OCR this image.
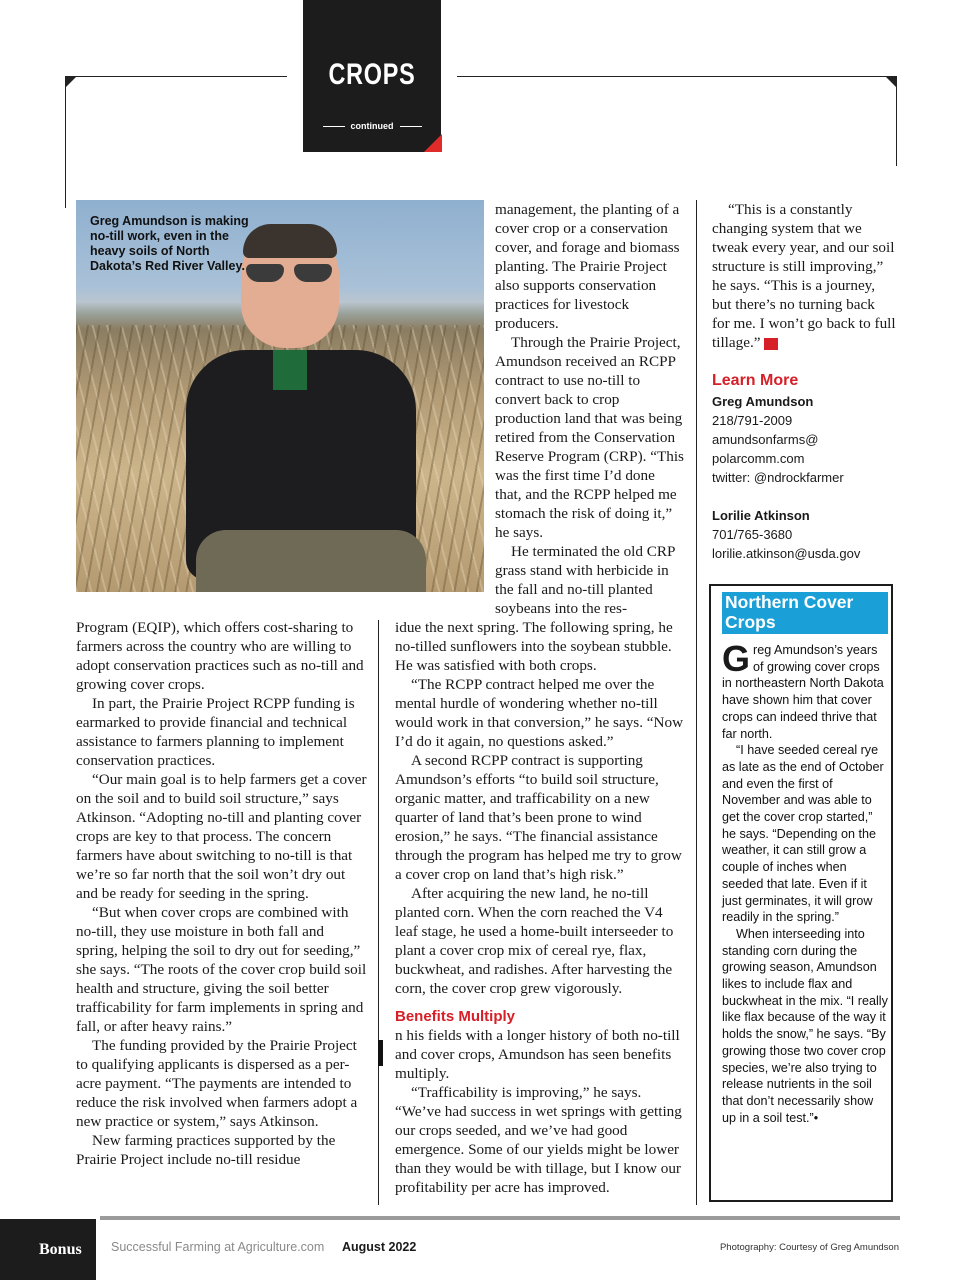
CROPS
continued
Greg Amundson is making no-till work, even in the heavy soils of North Dakota’s Red River Valley.

management, the planting of a cover crop or a conservation cover, and forage and biomass planting. The Prairie Project also supports conservation practices for livestock producers.

Through the Prairie Project, Amundson received an RCPP contract to use no-till to convert back to crop production land that was being retired from the Conservation Reserve Program (CRP). “This was the first time I’d done that, and the RCPP helped me stomach the risk of doing it,” he says.

He terminated the old CRP grass stand with herbicide in the fall and no-till planted soybeans into the res-

Program (EQIP), which offers cost-sharing to farmers across the country who are willing to adopt conservation practices such as no-till and growing cover crops.

In part, the Prairie Project RCPP funding is earmarked to provide financial and technical assistance to farmers planning to implement conservation practices.

“Our main goal is to help farmers get a cover on the soil and to build soil structure,” says Atkinson. “Adopting no-till and planting cover crops are key to that process. The concern farmers have about switching to no-till is that we’re so far north that the soil won’t dry out and be ready for seeding in the spring.

“But when cover crops are combined with no-till, they use moisture in both fall and spring, helping the soil to dry out for seeding,” she says. “The roots of the cover crop build soil health and structure, giving the soil better trafficability for farm implements in spring and fall, or after heavy rains.”

The funding provided by the Prairie Project to qualifying applicants is dispersed as a per-acre payment. “The payments are intended to reduce the risk involved when farmers adopt a new practice or system,” says Atkinson.

New farming practices supported by the Prairie Project include no-till residue

idue the next spring. The following spring, he no-tilled sunflowers into the soybean stubble. He was satisfied with both crops.

“The RCPP contract helped me over the mental hurdle of wondering whether no-till would work in that conversion,” he says. “Now I’d do it again, no questions asked.”

A second RCPP contract is supporting Amundson’s efforts “to build soil structure, organic matter, and trafficability on a new quarter of land that’s been prone to wind erosion,” he says. “The financial assistance through the program has helped me try to grow a cover crop on land that’s high risk.”

After acquiring the new land, he no-till planted corn. When the corn reached the V4 leaf stage, he used a home-built interseeder to plant a cover crop mix of cereal rye, flax, buckwheat, and radishes. After harvesting the corn, the cover crop grew vigorously.

Benefits Multiply

n his fields with a longer history of both no-till and cover crops, Amundson has seen benefits multiply.

“Trafficability is improving,” he says. “We’ve had success in wet springs with getting our crops seeded, and we’ve had good emergence. Some of our yields might be lower than they would be with tillage, but I know our profitability per acre has improved.

“This is a constantly changing system that we tweak every year, and our soil structure is still improving,” he says. “This is a journey, but there’s no turning back for me. I won’t go back to full tillage.” SF

Learn More
Greg Amundson
218/791-2009
amundsonfarms@
polarcomm.com
twitter: @ndrockfarmer
Lorilie Atkinson
701/765-3680
lorilie.atkinson@usda.gov
Northern Cover Crops

Greg Amundson’s years of growing cover crops in northeastern North Dakota have shown him that cover crops can indeed thrive that far north.

“I have seeded cereal rye as late as the end of October and even the first of November and was able to get the cover crop started,” he says. “Depending on the weather, it can still grow a couple of inches when seeded that late. Even if it just germinates, it will grow readily in the spring.”

When interseeding into standing corn during the growing season, Amundson likes to include flax and buckwheat in the mix. “I really like flax because of the way it holds the snow,” he says. “By growing those two cover crop species, we’re also trying to release nutrients in the soil that don’t necessarily show up in a soil test.”•

Bonus	Successful Farming at Agriculture.com August 2022	Photography: Courtesy of Greg Amundson
